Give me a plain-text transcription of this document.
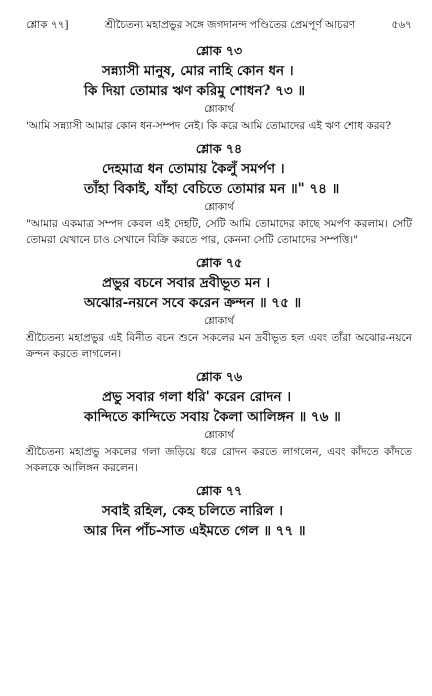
শ্লোক ৭৭]	শ্রীচৈতন্য মহাপ্রভুর সঙ্গে জগদানন্দ পণ্ডিতের প্রেমপূর্ণ আচরণ	৫৬৭
শ্লোক ৭৩
সন্ন্যাসী মানুষ, মোর নাহি কোন ধন ।
কি দিয়া তোমার ঋণ করিমু শোধন? ৭৩ ॥
শ্লোকার্থ
'আমি সন্ন্যাসী আমার কোন ধন-সম্পদ নেই। কি করে আমি তোমাদের এই ঋণ শোধ করব?
শ্লোক ৭৪
দেহমাত্র ধন তোমায় কৈলুঁ সমর্পণ ।
তাঁহা বিকাই, যাঁহা বেচিতে তোমার মন ॥" ৭৪ ॥
শ্লোকার্থ
"আমার একমাত্র সম্পদ কেবল এই দেহটি, সেটি আমি তোমাদের কাছে সমর্পণ করলাম। সেটি তোমরা যেখানে চাও সেখানে বিক্রি করতে পার, কেননা সেটি তোমাদের সম্পত্তি।"
শ্লোক ৭৫
প্রভুর বচনে সবার দ্রবীভূত মন ।
অঝোর-নয়নে সবে করেন ক্রন্দন ॥ ৭৫ ॥
শ্লোকার্থ
শ্রীচৈতন্য মহাপ্রভুর এই বিনীত বচন শুনে সকলের মন দ্রবীভূত হল এবং তাঁরা অঝোর-নয়নে ক্রন্দন করতে লাগলেন।
শ্লোক ৭৬
প্রভু সবার গলা ধরি' করেন রোদন ।
কান্দিতে কান্দিতে সবায় কৈলা আলিঙ্গন ॥ ৭৬ ॥
শ্লোকার্থ
শ্রীচৈতন্য মহাপ্রভু সকলের গলা জড়িয়ে ধরে রোদন করতে লাগলেন, এবং কাঁদতে কাঁদতে সকলকে আলিঙ্গন করলেন।
শ্লোক ৭৭
সবাই রহিল, কেহ চলিতে নারিল ।
আর দিন পাঁচ-সাত এইমতে গেল ॥ ৭৭ ॥
